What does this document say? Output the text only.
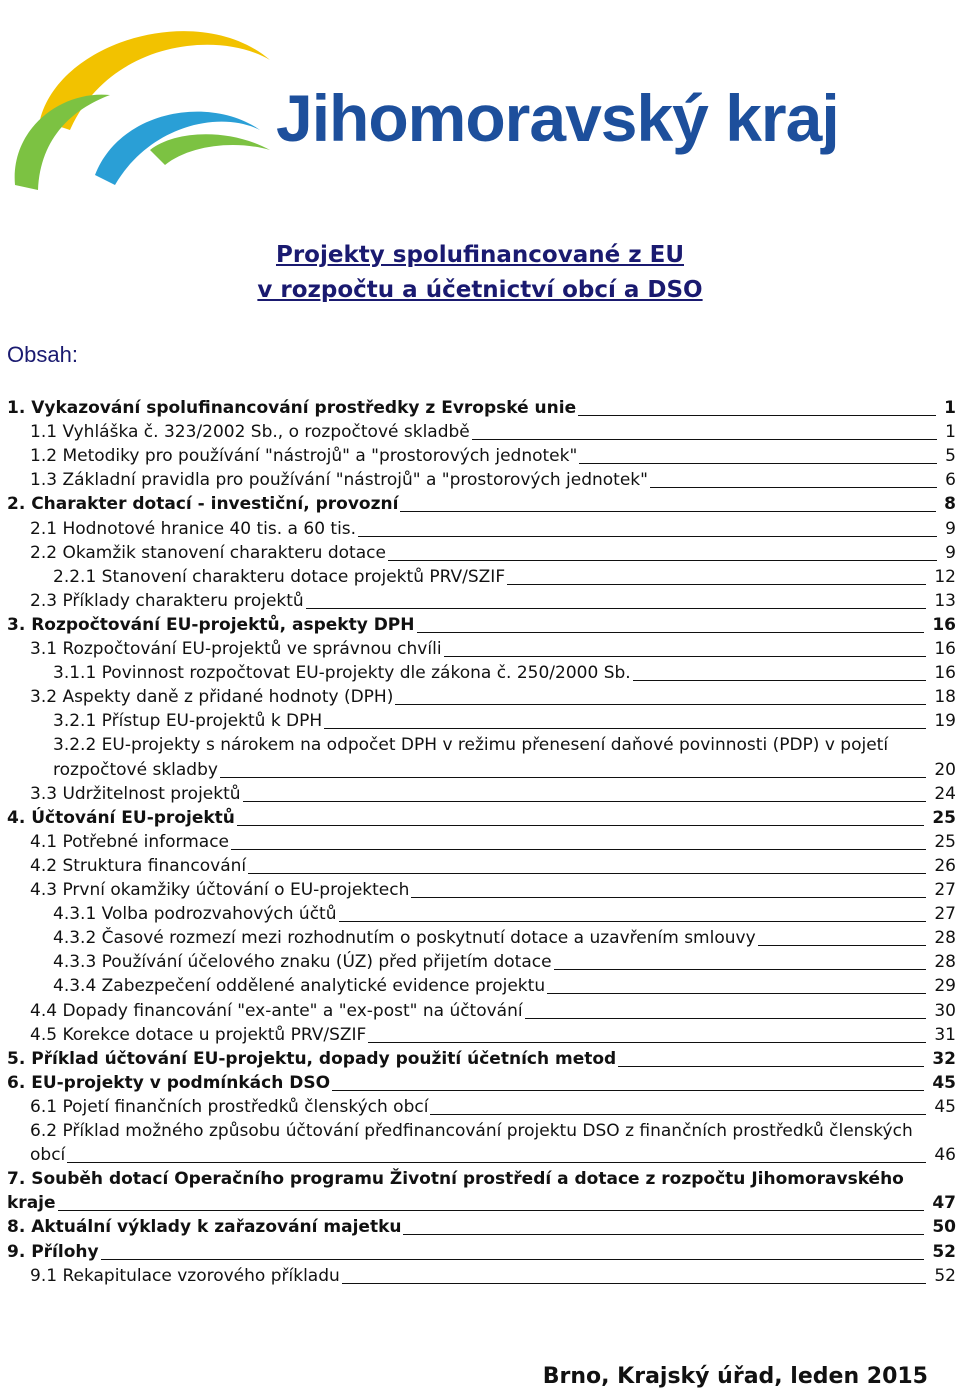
Jihomoravský kraj
Projekty spolufinancované z EU
v rozpočtu a účetnictví obcí a DSO
Obsah:
1. Vykazování spolufinancování prostředky z Evropské unie	1
1.1 Vyhláška č. 323/2002 Sb., o rozpočtové skladbě	1
1.2 Metodiky pro používání "nástrojů" a "prostorových jednotek"	5
1.3 Základní pravidla pro používání "nástrojů" a "prostorových jednotek"	6
2. Charakter dotací - investiční, provozní	8
2.1 Hodnotové hranice 40 tis. a 60 tis.	9
2.2 Okamžik stanovení charakteru dotace	9
2.2.1 Stanovení charakteru dotace projektů PRV/SZIF	12
2.3 Příklady charakteru projektů	13
3. Rozpočtování EU-projektů, aspekty DPH	16
3.1 Rozpočtování EU-projektů ve správnou chvíli	16
3.1.1 Povinnost rozpočtovat EU-projekty dle zákona č. 250/2000 Sb.	16
3.2 Aspekty daně z přidané hodnoty (DPH)	18
3.2.1 Přístup EU-projektů k DPH	19
3.2.2 EU-projekty s nárokem na odpočet DPH v režimu přenesení daňové povinnosti (PDP) v pojetí
rozpočtové skladby	20
3.3 Udržitelnost projektů	24
4. Účtování EU-projektů	25
4.1 Potřebné informace	25
4.2 Struktura financování	26
4.3 První okamžiky účtování o EU-projektech	27
4.3.1 Volba podrozvahových účtů	27
4.3.2 Časové rozmezí mezi rozhodnutím o poskytnutí dotace a uzavřením smlouvy	28
4.3.3 Používání účelového znaku (ÚZ) před přijetím dotace	28
4.3.4 Zabezpečení oddělené analytické evidence projektu	29
4.4 Dopady financování "ex-ante" a "ex-post" na účtování	30
4.5 Korekce dotace u projektů PRV/SZIF	31
5. Příklad účtování EU-projektu, dopady použití účetních metod	32
6. EU-projekty v podmínkách DSO	45
6.1 Pojetí finančních prostředků členských obcí	45
6.2 Příklad možného způsobu účtování předfinancování projektu DSO z finančních prostředků členských
obcí	46
7. Souběh dotací Operačního programu Životní prostředí a dotace z rozpočtu Jihomoravského
kraje	47
8. Aktuální výklady k zařazování majetku	50
9. Přílohy	52
9.1 Rekapitulace vzorového příkladu	52
Brno, Krajský úřad, leden 2015
